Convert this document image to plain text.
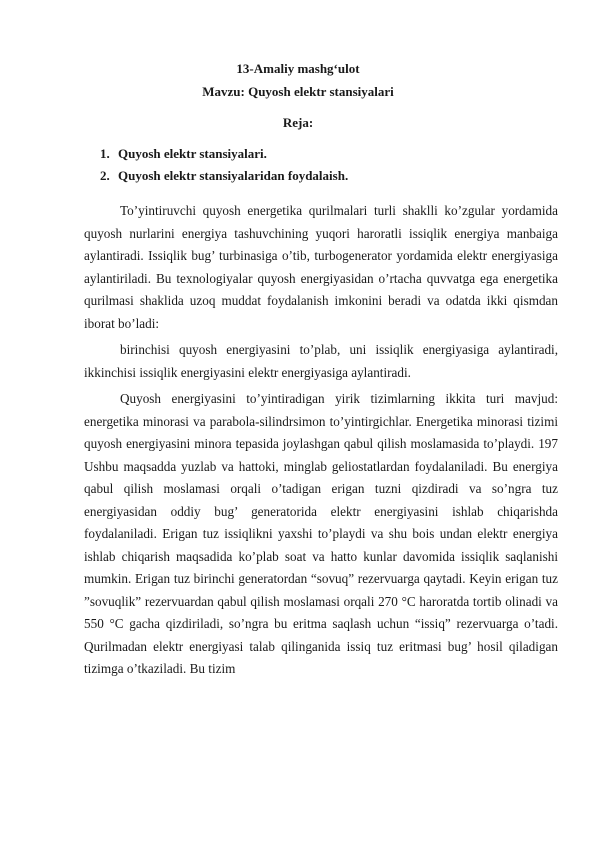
13-Amaliy mashg‘ulot
Mavzu: Quyosh elektr stansiyalari
Reja:
1. Quyosh elektr stansiyalari.
2. Quyosh elektr stansiyalaridan foydalaish.

To’yintiruvchi quyosh energetika qurilmalari turli shaklli ko’zgular yordamida quyosh nurlarini energiya tashuvchining yuqori haroratli issiqlik energiya manbaiga aylantiradi. Issiqlik bug’ turbinasiga o’tib, turbogenerator yordamida elektr energiyasiga aylantiriladi. Bu texnologiyalar quyosh energiyasidan o’rtacha quvvatga ega energetika qurilmasi shaklida uzoq muddat foydalanish imkonini beradi va odatda ikki qismdan iborat bo’ladi:

birinchisi quyosh energiyasini to’plab, uni issiqlik energiyasiga aylantiradi, ikkinchisi issiqlik energiyasini elektr energiyasiga aylantiradi.

Quyosh energiyasini to’yintiradigan yirik tizimlarning ikkita turi mavjud: energetika minorasi va parabola-silindrsimon to’yintirgichlar. Energetika minorasi tizimi quyosh energiyasini minora tepasida joylashgan qabul qilish moslamasida to’playdi. 197 Ushbu maqsadda yuzlab va hattoki, minglab geliostatlardan foydalaniladi. Bu energiya qabul qilish moslamasi orqali o’tadigan erigan tuzni qizdiradi va so’ngra tuz energiyasidan oddiy bug’ generatorida elektr energiyasini ishlab chiqarishda foydalaniladi. Erigan tuz issiqlikni yaxshi to’playdi va shu bois undan elektr energiya ishlab chiqarish maqsadida ko’plab soat va hatto kunlar davomida issiqlik saqlanishi mumkin. Erigan tuz birinchi generatordan “sovuq” rezervuarga qaytadi. Keyin erigan tuz ”sovuqlik” rezervuardan qabul qilish moslamasi orqali 270 °C haroratda tortib olinadi va 550 °C gacha qizdiriladi, so’ngra bu eritma saqlash uchun “issiq” rezervuarga o’tadi. Qurilmadan elektr energiyasi talab qilinganida issiq tuz eritmasi bug’ hosil qiladigan tizimga o’tkaziladi. Bu tizim
